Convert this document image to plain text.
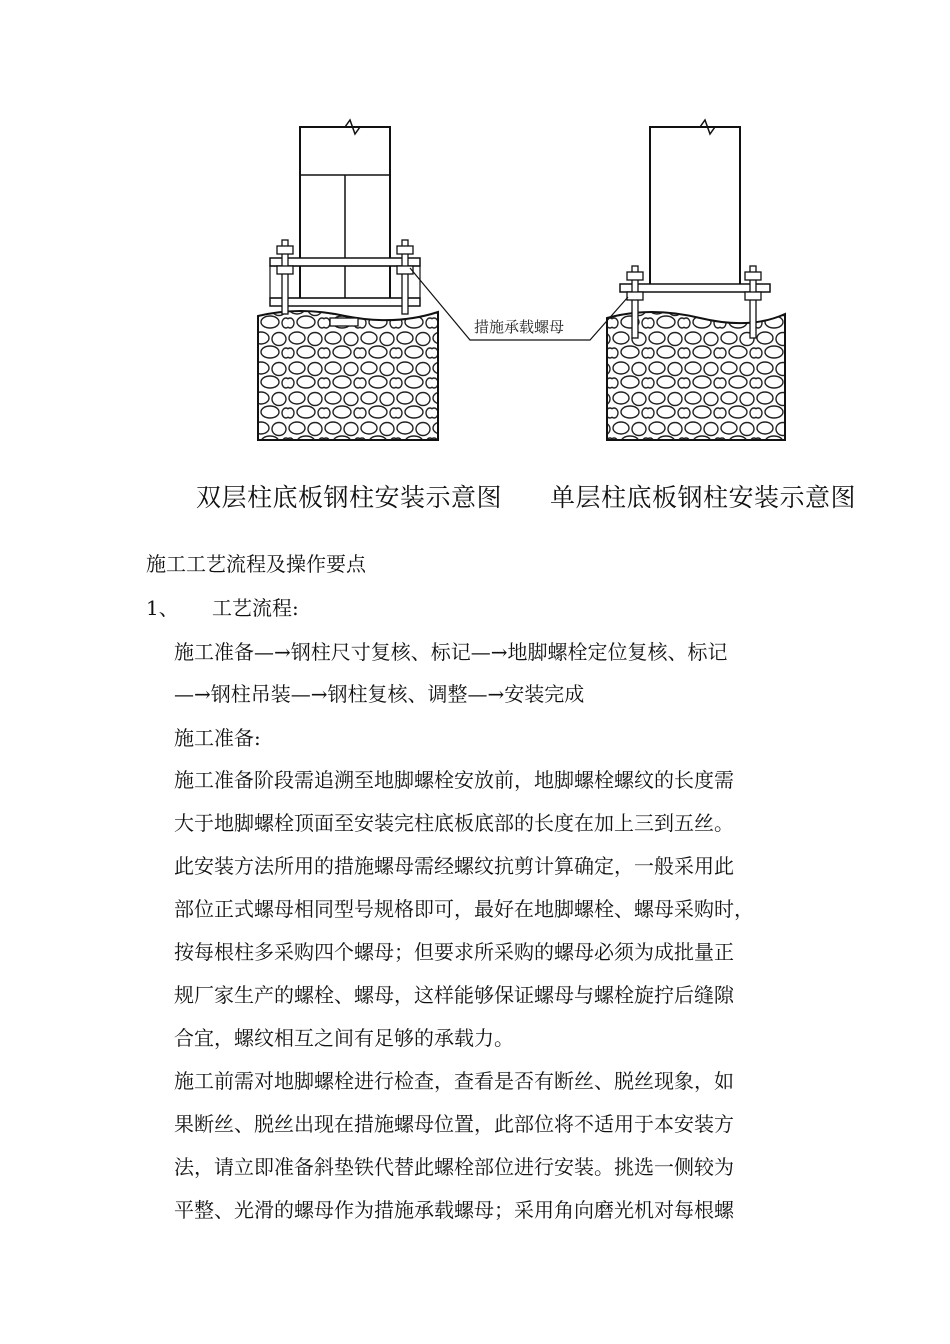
措施承载螺母
双层柱底板钢柱安装示意图 单层柱底板钢柱安装示意图
施工工艺流程及操作要点
1、 工艺流程:
施工准备—→钢柱尺寸复核、标记—→地脚螺栓定位复核、标记
—→钢柱吊装—→钢柱复核、调整—→安装完成
施工准备:
施工准备阶段需追溯至地脚螺栓安放前，地脚螺栓螺纹的长度需
大于地脚螺栓顶面至安装完柱底板底部的长度在加上三到五丝。
此安装方法所用的措施螺母需经螺纹抗剪计算确定，一般采用此
部位正式螺母相同型号规格即可，最好在地脚螺栓、螺母采购时，
按每根柱多采购四个螺母；但要求所采购的螺母必须为成批量正
规厂家生产的螺栓、螺母，这样能够保证螺母与螺栓旋拧后缝隙
合宜，螺纹相互之间有足够的承载力。
施工前需对地脚螺栓进行检查，查看是否有断丝、脱丝现象，如
果断丝、脱丝出现在措施螺母位置，此部位将不适用于本安装方
法，请立即准备斜垫铁代替此螺栓部位进行安装。挑选一侧较为
平整、光滑的螺母作为措施承载螺母；采用角向磨光机对每根螺
